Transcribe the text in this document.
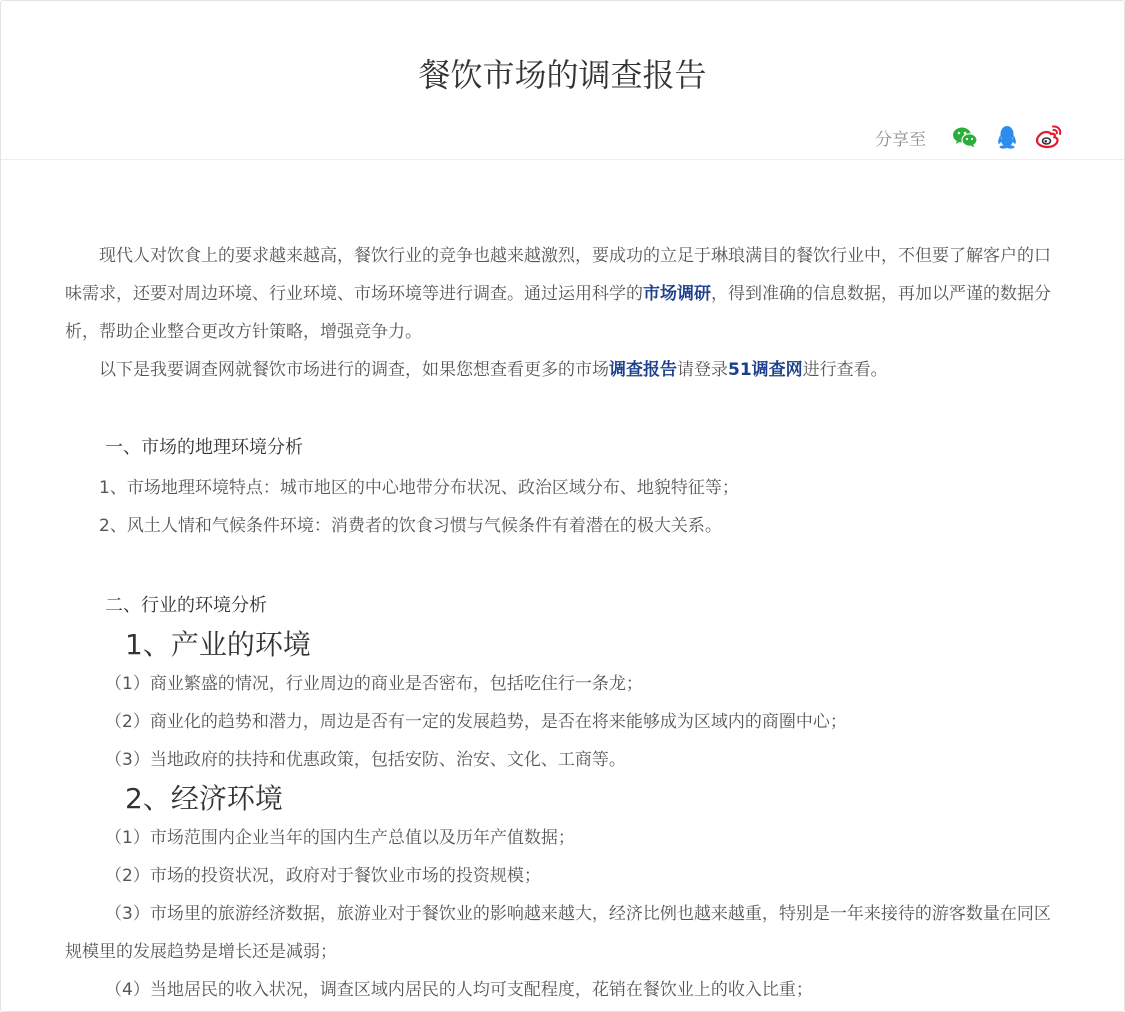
餐饮市场的调查报告
分享至

现代人对饮食上的要求越来越高，餐饮行业的竞争也越来越激烈，要成功的立足于琳琅满目的餐饮行业中，不但要了解客户的口味需求，还要对周边环境、行业环境、市场环境等进行调查。通过运用科学的市场调研，得到准确的信息数据，再加以严谨的数据分析，帮助企业整合更改方针策略，增强竞争力。

以下是我要调查网就餐饮市场进行的调查，如果您想查看更多的市场调查报告请登录51调查网进行查看。

一、市场的地理环境分析

1、市场地理环境特点：城市地区的中心地带分布状况、政治区域分布、地貌特征等；

2、风土人情和气候条件环境：消费者的饮食习惯与气候条件有着潜在的极大关系。

二、行业的环境分析

1、产业的环境

（1）商业繁盛的情况，行业周边的商业是否密布，包括吃住行一条龙；

（2）商业化的趋势和潜力，周边是否有一定的发展趋势，是否在将来能够成为区域内的商圈中心；

（3）当地政府的扶持和优惠政策，包括安防、治安、文化、工商等。

2、经济环境

（1）市场范围内企业当年的国内生产总值以及历年产值数据；

（2）市场的投资状况，政府对于餐饮业市场的投资规模；

（3）市场里的旅游经济数据，旅游业对于餐饮业的影响越来越大，经济比例也越来越重，特别是一年来接待的游客数量在同区规模里的发展趋势是增长还是减弱；

（4）当地居民的收入状况，调查区域内居民的人均可支配程度，花销在餐饮业上的收入比重；
